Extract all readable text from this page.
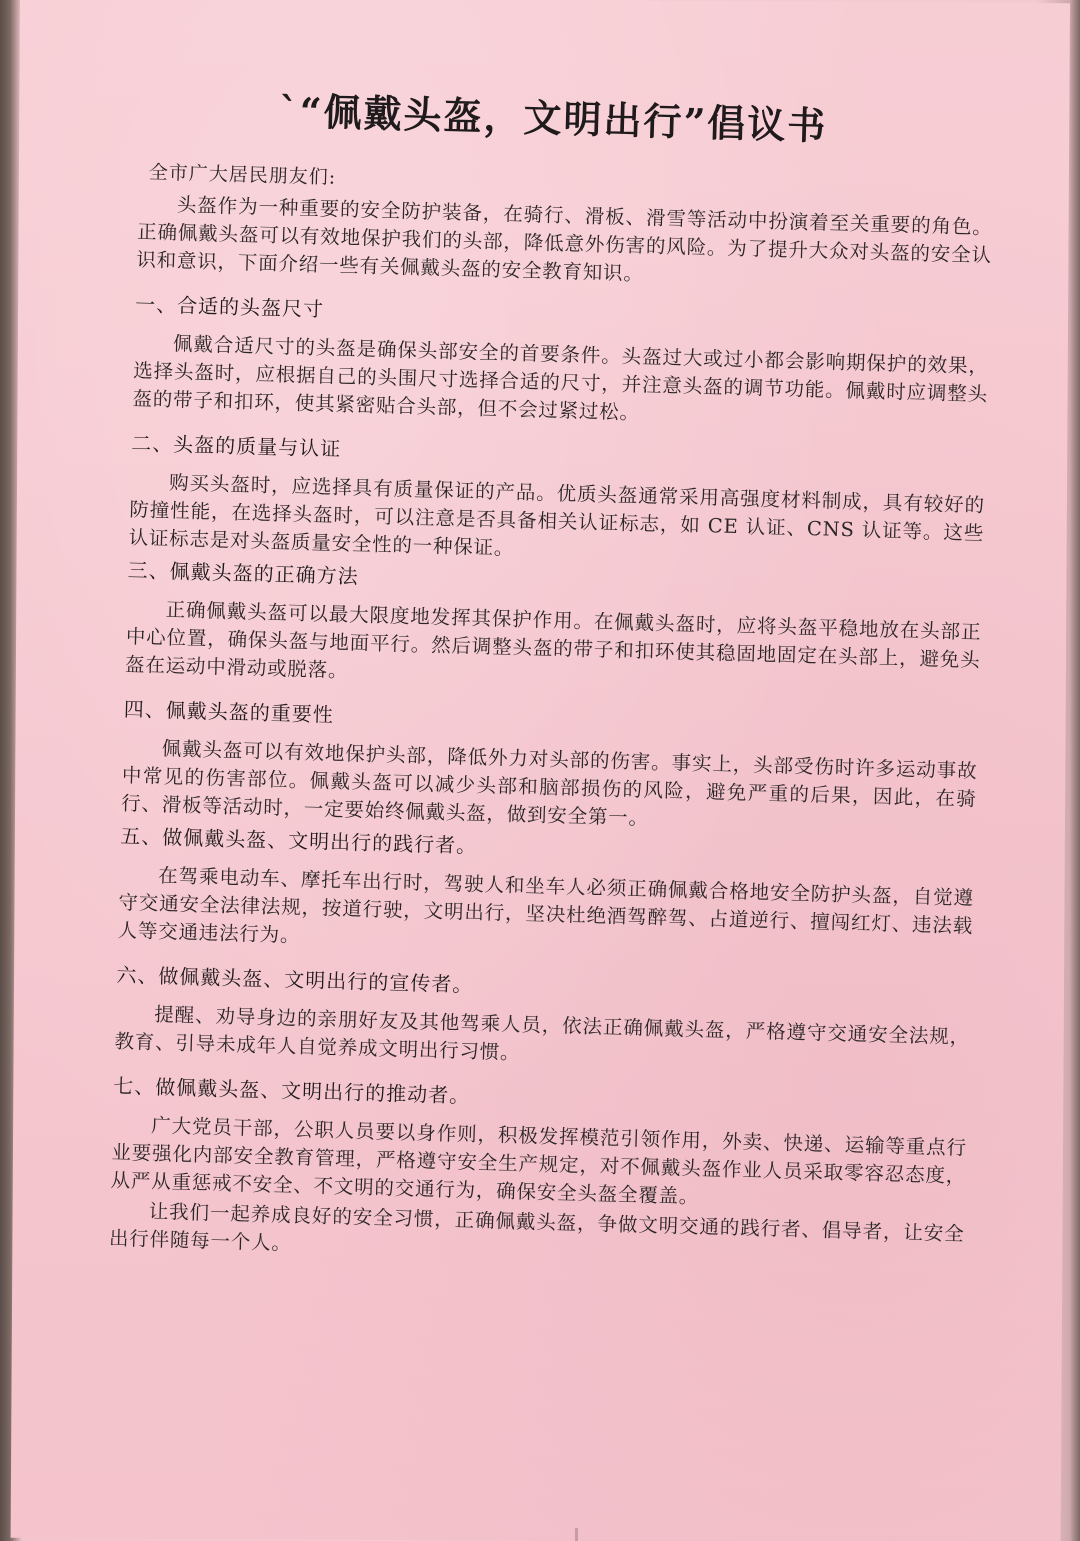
`“佩戴头盔，文明出行”倡议书
全市广大居民朋友们:
头盔作为一种重要的安全防护装备，在骑行、滑板、滑雪等活动中扮演着至关重要的角色。正确佩戴头盔可以有效地保护我们的头部，降低意外伤害的风险。为了提升大众对头盔的安全认识和意识，下面介绍一些有关佩戴头盔的安全教育知识。
一、合适的头盔尺寸
佩戴合适尺寸的头盔是确保头部安全的首要条件。头盔过大或过小都会影响期保护的效果，选择头盔时，应根据自己的头围尺寸选择合适的尺寸，并注意头盔的调节功能。佩戴时应调整头盔的带子和扣环，使其紧密贴合头部，但不会过紧过松。
二、头盔的质量与认证
购买头盔时，应选择具有质量保证的产品。优质头盔通常采用高强度材料制成，具有较好的防撞性能，在选择头盔时，可以注意是否具备相关认证标志，如 CE 认证、CNS 认证等。这些认证标志是对头盔质量安全性的一种保证。
三、佩戴头盔的正确方法
正确佩戴头盔可以最大限度地发挥其保护作用。在佩戴头盔时，应将头盔平稳地放在头部正中心位置，确保头盔与地面平行。然后调整头盔的带子和扣环使其稳固地固定在头部上，避免头盔在运动中滑动或脱落。
四、佩戴头盔的重要性
佩戴头盔可以有效地保护头部，降低外力对头部的伤害。事实上，头部受伤时许多运动事故中常见的伤害部位。佩戴头盔可以减少头部和脑部损伤的风险，避免严重的后果，因此，在骑行、滑板等活动时，一定要始终佩戴头盔，做到安全第一。
五、做佩戴头盔、文明出行的践行者。
在驾乘电动车、摩托车出行时，驾驶人和坐车人必须正确佩戴合格地安全防护头盔，自觉遵守交通安全法律法规，按道行驶，文明出行，坚决杜绝酒驾醉驾、占道逆行、擅闯红灯、违法载人等交通违法行为。
六、做佩戴头盔、文明出行的宣传者。
提醒、劝导身边的亲朋好友及其他驾乘人员，依法正确佩戴头盔，严格遵守交通安全法规，教育、引导未成年人自觉养成文明出行习惯。
七、做佩戴头盔、文明出行的推动者。
广大党员干部，公职人员要以身作则，积极发挥模范引领作用，外卖、快递、运输等重点行业要强化内部安全教育管理，严格遵守安全生产规定，对不佩戴头盔作业人员采取零容忍态度，从严从重惩戒不安全、不文明的交通行为，确保安全头盔全覆盖。
让我们一起养成良好的安全习惯，正确佩戴头盔，争做文明交通的践行者、倡导者，让安全出行伴随每一个人。
